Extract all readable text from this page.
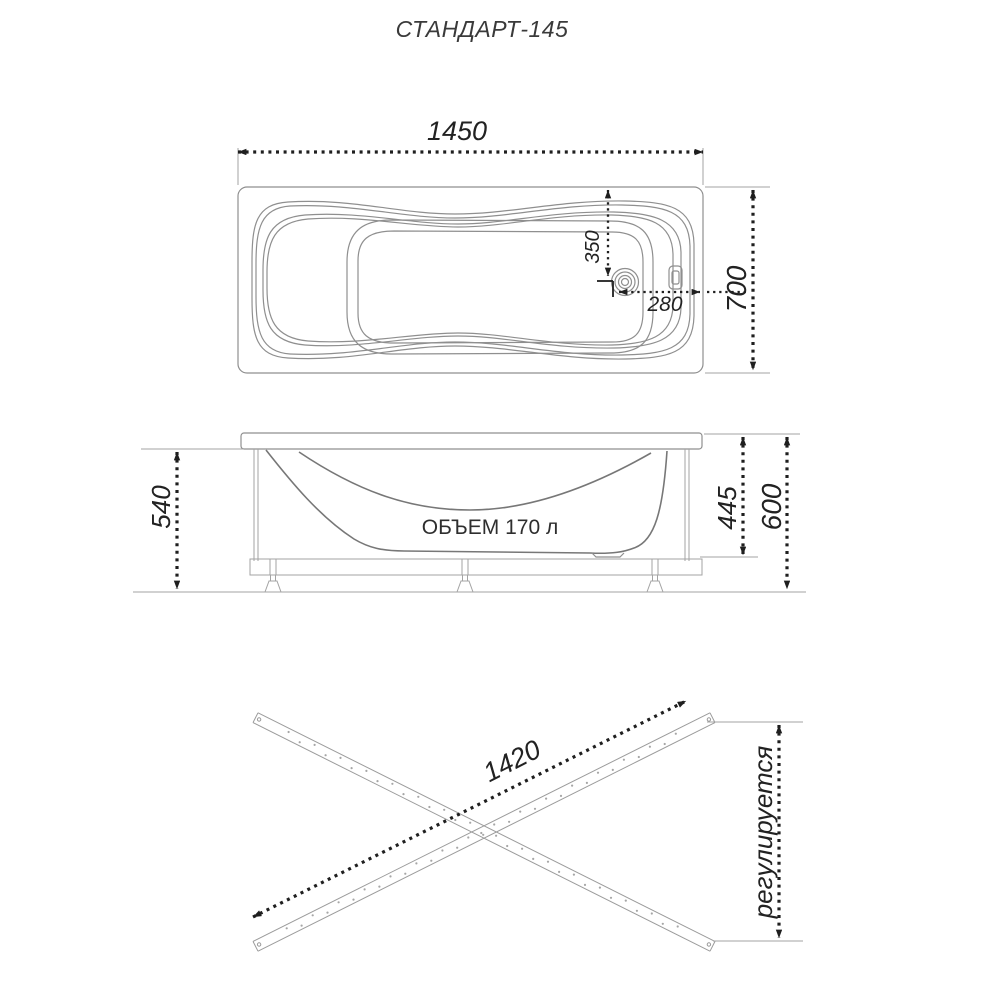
СТАНДАРТ-145
1450
700
350
280
ОБЪЕМ 170 л
540	445 600
1420	регулируется
